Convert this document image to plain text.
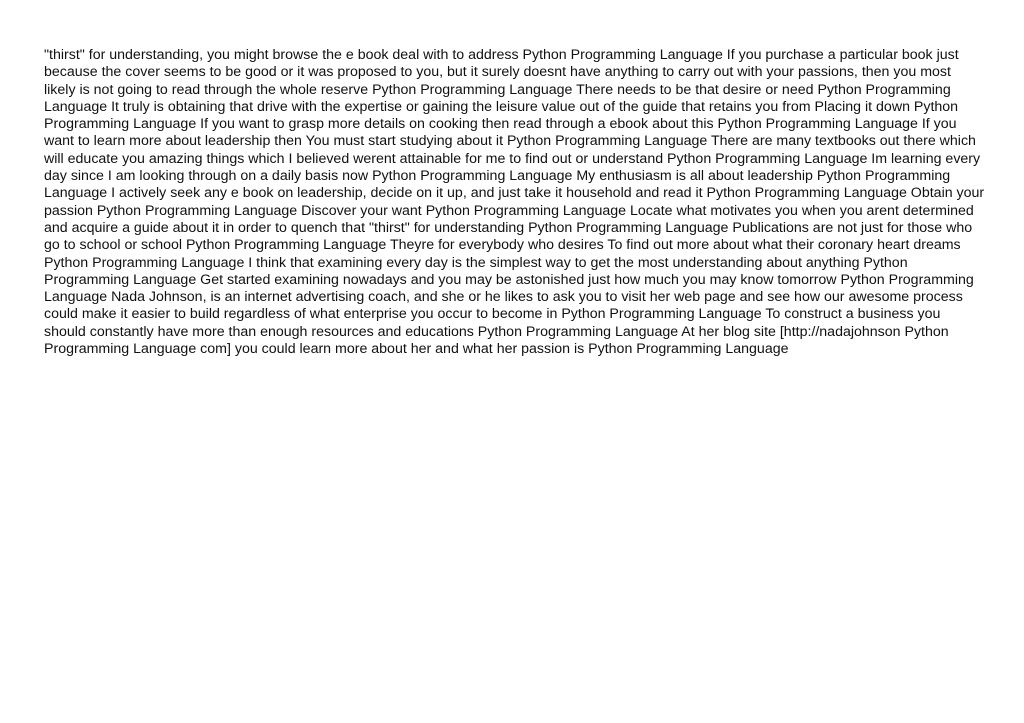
"thirst" for understanding, you might browse the e book deal with to address Python Programming Language If you purchase a particular book just because the cover seems to be good or it was proposed to you, but it surely doesnt have anything to carry out with your passions, then you most likely is not going to read through the whole reserve Python Programming Language There needs to be that desire or need Python Programming Language It truly is obtaining that drive with the expertise or gaining the leisure value out of the guide that retains you from Placing it down Python Programming Language If you want to grasp more details on cooking then read through a ebook about this Python Programming Language If you want to learn more about leadership then You must start studying about it Python Programming Language There are many textbooks out there which will educate you amazing things which I believed werent attainable for me to find out or understand Python Programming Language Im learning every day since I am looking through on a daily basis now Python Programming Language My enthusiasm is all about leadership Python Programming Language I actively seek any e book on leadership, decide on it up, and just take it household and read it Python Programming Language Obtain your passion Python Programming Language Discover your want Python Programming Language Locate what motivates you when you arent determined and acquire a guide about it in order to quench that "thirst" for understanding Python Programming Language Publications are not just for those who go to school or school Python Programming Language Theyre for everybody who desires To find out more about what their coronary heart dreams Python Programming Language I think that examining every day is the simplest way to get the most understanding about anything Python Programming Language Get started examining nowadays and you may be astonished just how much you may know tomorrow Python Programming Language Nada Johnson, is an internet advertising coach, and she or he likes to ask you to visit her web page and see how our awesome process could make it easier to build regardless of what enterprise you occur to become in Python Programming Language To construct a business you should constantly have more than enough resources and educations Python Programming Language At her blog site [http://nadajohnson Python Programming Language com] you could learn more about her and what her passion is Python Programming Language
